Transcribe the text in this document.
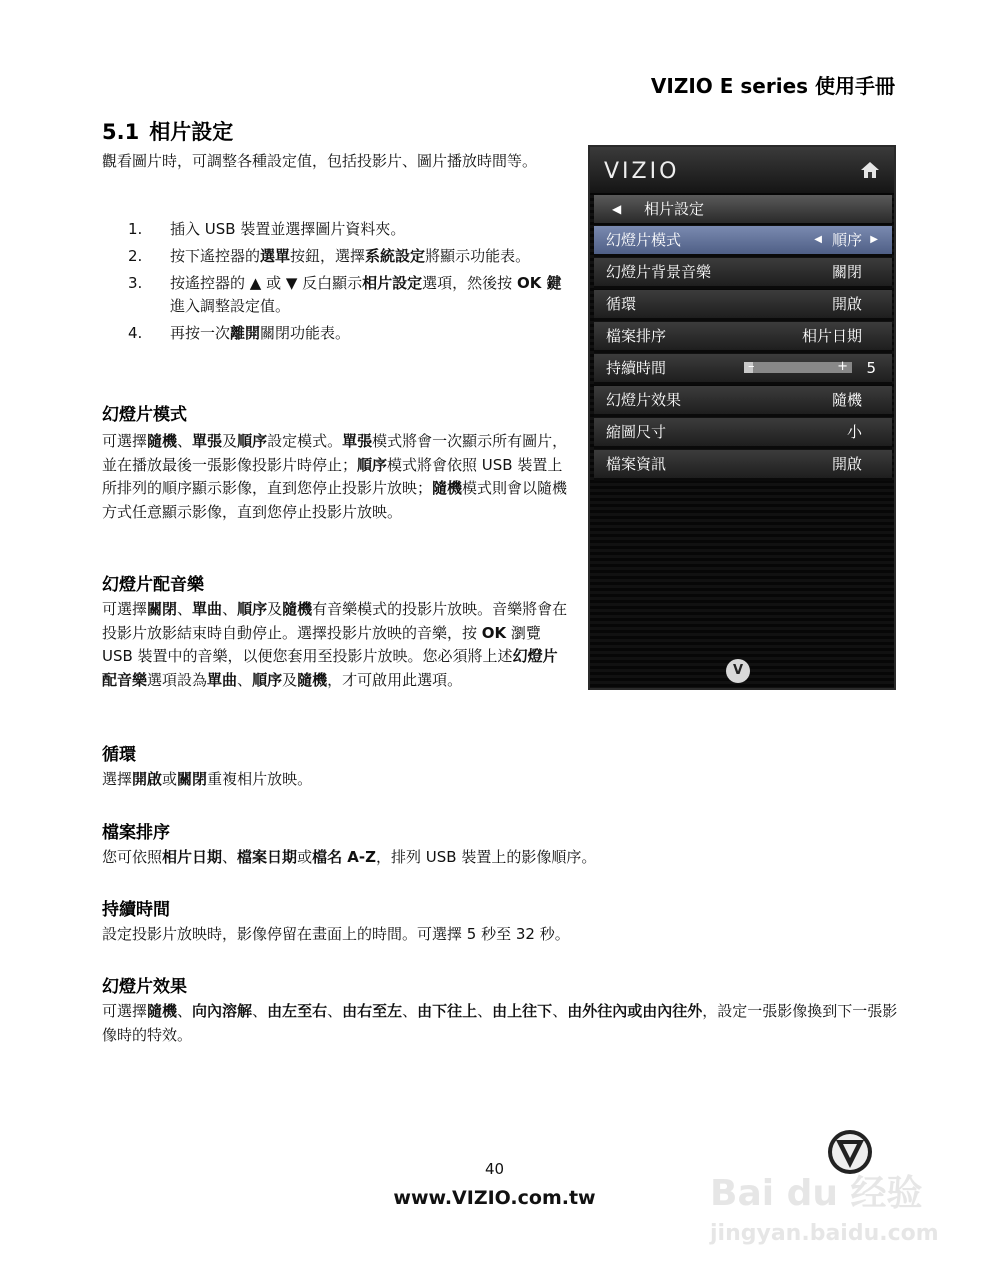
VIZIO E series 使用手冊
5.1 相片設定
觀看圖片時，可調整各種設定值，包括投影片、圖片播放時間等。
1.	插入 USB 裝置並選擇圖片資料夾。
2.	按下遙控器的選單按鈕，選擇系統設定將顯示功能表。
3.	按遙控器的 ▲ 或 ▼ 反白顯示相片設定選項，然後按 OK 鍵進入調整設定值。
4.	再按一次離開關閉功能表。
幻燈片模式
可選擇隨機、單張及順序設定模式。單張模式將會一次顯示所有圖片，並在播放最後一張影像投影片時停止；順序模式將會依照 USB 裝置上所排列的順序顯示影像，直到您停止投影片放映；隨機模式則會以隨機方式任意顯示影像，直到您停止投影片放映。
幻燈片配音樂
可選擇關閉、單曲、順序及隨機有音樂模式的投影片放映。音樂將會在投影片放影結束時自動停止。選擇投影片放映的音樂，按 OK 瀏覽 USB 裝置中的音樂，以便您套用至投影片放映。您必須將上述幻燈片配音樂選項設為單曲、順序及隨機，才可啟用此選項。
循環
選擇開啟或關閉重複相片放映。
檔案排序
您可依照相片日期、檔案日期或檔名 A-Z，排列 USB 裝置上的影像順序。
持續時間
設定投影片放映時，影像停留在畫面上的時間。可選擇 5 秒至 32 秒。
幻燈片效果
可選擇隨機、向內溶解、由左至右、由右至左、由下往上、由上往下、由外往內或由內往外，設定一張影像換到下一張影像時的特效。
VIZIO
◀ 相片設定
幻燈片模式	◀ 順序 ▶
幻燈片背景音樂	關閉
循環	開啟
檔案排序	相片日期
持續時間	–	+ 5
幻燈片效果	隨機
縮圖尺寸	小
檔案資訊	開啟
V
40
www.VIZIO.com.tw	Bai du 经验
jingyan.baidu.com
